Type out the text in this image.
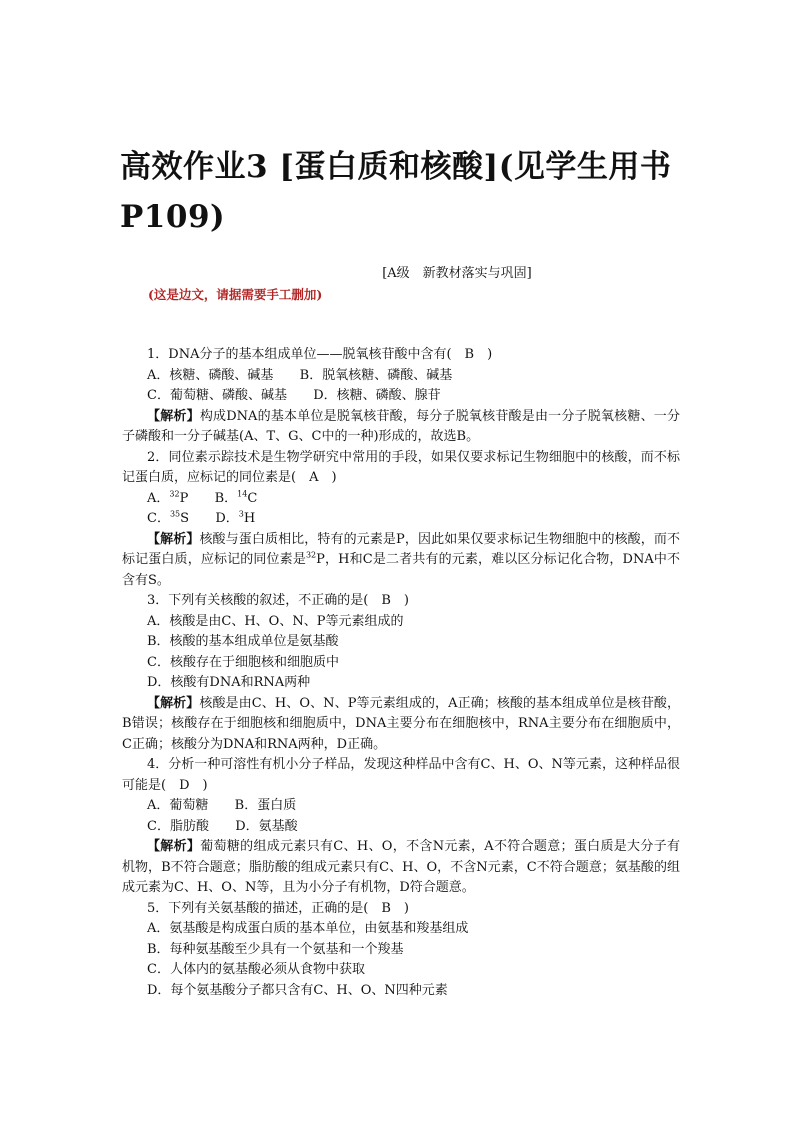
高效作业3 [蛋白质和核酸](见学生用书P109)
[A级　新教材落实与巩固]
(这是边文，请据需要手工删加)
1．DNA分子的基本组成单位——脱氧核苷酸中含有(　B　)
A．核糖、磷酸、碱基 B．脱氧核糖、磷酸、碱基
C．葡萄糖、磷酸、碱基 D．核糖、磷酸、腺苷
【解析】构成DNA的基本单位是脱氧核苷酸，每分子脱氧核苷酸是由一分子脱氧核糖、一分子磷酸和一分子碱基(A、T、G、C中的一种)形成的，故选B。
2．同位素示踪技术是生物学研究中常用的手段，如果仅要求标记生物细胞中的核酸，而不标记蛋白质，应标记的同位素是(　A　)
A．$^{32}$P B．$^{14}$C
C．$^{35}$S D．$^3$H
【解析】核酸与蛋白质相比，特有的元素是P，因此如果仅要求标记生物细胞中的核酸，而不标记蛋白质，应标记的同位素是$^{32}$P，H和C是二者共有的元素，难以区分标记化合物，DNA中不含有S。
3．下列有关核酸的叙述，不正确的是(　B　)
A．核酸是由C、H、O、N、P等元素组成的
B．核酸的基本组成单位是氨基酸
C．核酸存在于细胞核和细胞质中
D．核酸有DNA和RNA两种
【解析】核酸是由C、H、O、N、P等元素组成的，A正确；核酸的基本组成单位是核苷酸，B错误；核酸存在于细胞核和细胞质中，DNA主要分布在细胞核中，RNA主要分布在细胞质中，C正确；核酸分为DNA和RNA两种，D正确。
4．分析一种可溶性有机小分子样品，发现这种样品中含有C、H、O、N等元素，这种样品很可能是(　D　)
A．葡萄糖 B．蛋白质
C．脂肪酸 D．氨基酸
【解析】葡萄糖的组成元素只有C、H、O，不含N元素，A不符合题意；蛋白质是大分子有机物，B不符合题意；脂肪酸的组成元素只有C、H、O，不含N元素，C不符合题意；氨基酸的组成元素为C、H、O、N等，且为小分子有机物，D符合题意。
5．下列有关氨基酸的描述，正确的是(　B　)
A．氨基酸是构成蛋白质的基本单位，由氨基和羧基组成
B．每种氨基酸至少具有一个氨基和一个羧基
C．人体内的氨基酸必须从食物中获取
D．每个氨基酸分子都只含有C、H、O、N四种元素
